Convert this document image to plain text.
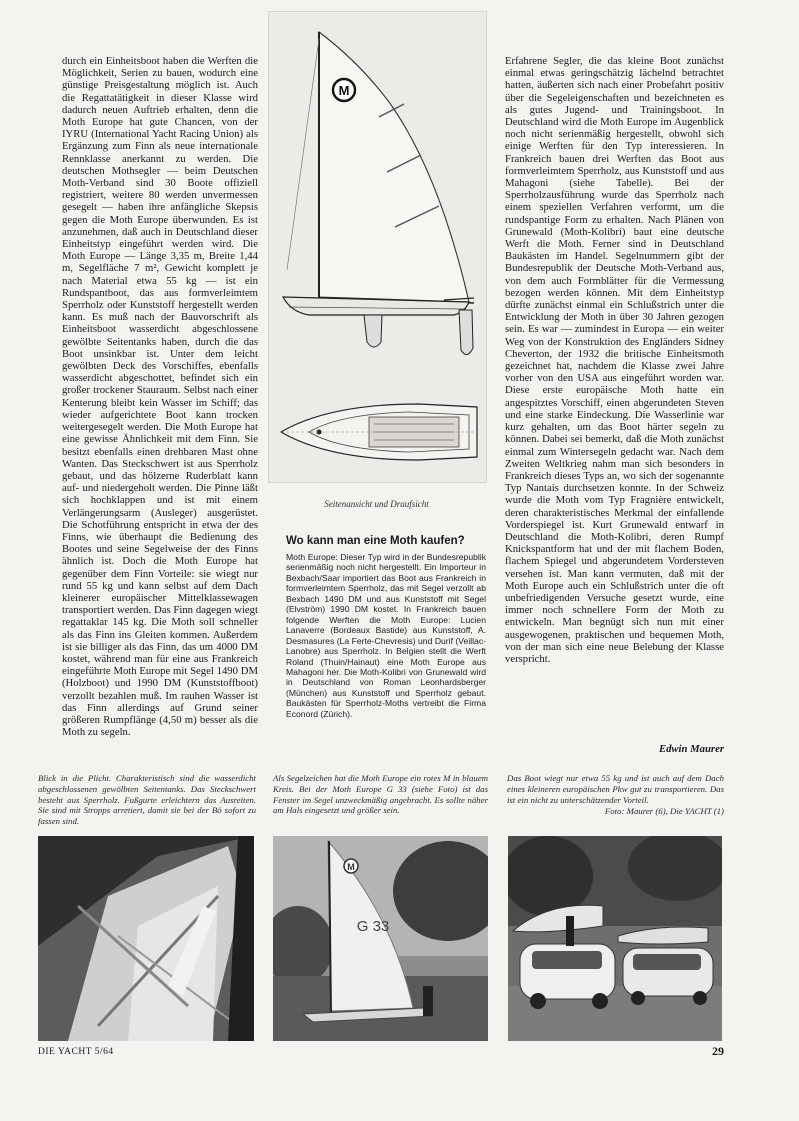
durch ein Einheitsboot haben die Werften die Möglichkeit, Serien zu bauen, wodurch eine günstige Preisgestaltung möglich ist. Auch die Regattatätigkeit in dieser Klasse wird dadurch neuen Auftrieb erhalten, denn die Moth Europe hat gute Chancen, von der IYRU (International Yacht Racing Union) als Ergänzung zum Finn als neue internationale Rennklasse anerkannt zu werden. Die deutschen Mothsegler — beim Deutschen Moth-Verband sind 30 Boote offiziell registriert, weitere 80 werden unvermessen gesegelt — haben ihre anfängliche Skepsis gegen die Moth Europe überwunden. Es ist anzunehmen, daß auch in Deutschland dieser Einheitstyp eingeführt werden wird. Die Moth Europe — Länge 3,35 m, Breite 1,44 m, Segelfläche 7 m², Gewicht komplett je nach Material etwa 55 kg — ist ein Rundspantboot, das aus formverleimtem Sperrholz oder Kunststoff hergestellt werden kann. Es muß nach der Bauvorschrift als Einheitsboot wasserdicht abgeschlossene gewölbte Seitentanks haben, durch die das Boot unsinkbar ist. Unter dem leicht gewölbten Deck des Vorschiffes, ebenfalls wasserdicht abgeschottet, befindet sich ein großer trockener Stauraum. Selbst nach einer Kenterung bleibt kein Wasser im Schiff; das wieder aufgerichtete Boot kann trocken weitergesegelt werden. Die Moth Europe hat eine gewisse Ähnlichkeit mit dem Finn. Sie besitzt ebenfalls einen drehbaren Mast ohne Wanten. Das Steckschwert ist aus Sperrholz gebaut, und das hölzerne Ruderblatt kann auf- und niedergeholt werden. Die Pinne läßt sich hochklappen und ist mit einem Verlängerungsarm (Ausleger) ausgerüstet. Die Schotführung entspricht in etwa der des Finns, wie überhaupt die Bedienung des Bootes und seine Segelweise der des Finns ähnlich ist. Doch die Moth Europe hat gegenüber dem Finn Vorteile: sie wiegt nur rund 55 kg und kann selbst auf dem Dach kleinerer europäischer Mittelklassewagen transportiert werden. Das Finn dagegen wiegt regattaklar 145 kg. Die Moth soll schneller als das Finn ins Gleiten kommen. Außerdem ist sie billiger als das Finn, das um 4000 DM kostet, während man für eine aus Frankreich eingeführte Moth Europe mit Segel 1490 DM (Holzboot) und 1990 DM (Kunststoffboot) verzollt bezahlen muß. Im rauhen Wasser ist das Finn allerdings auf Grund seiner größeren Rumpflänge (4,50 m) besser als die Moth zu segeln.

M
Seitenansicht und Draufsicht
Wo kann man eine Moth kaufen?

Moth Europe: Dieser Typ wird in der Bundesrepublik serienmäßig noch nicht hergestellt. Ein Importeur in Bexbach/Saar importiert das Boot aus Frankreich in formverleimtem Sperrholz, das mit Segel verzollt ab Bexbach 1490 DM und aus Kunststoff mit Segel (Elvström) 1990 DM kostet. In Frankreich bauen folgende Werften die Moth Europe: Lucien Lanaverre (Bordeaux Bastide) aus Kunststoff, A. Desmasures (La Ferte-Chevresis) und Durif (Veillac-Lanobre) aus Sperrholz. In Belgien stellt die Werft Roland (Thuin/Hainaut) eine Moth Europe aus Mahagoni her. Die Moth-Kolibri von Grunewald wird in Deutschland von Roman Leonhardsberger (München) aus Kunststoff und Sperrholz gebaut. Baukästen für Sperrholz-Moths vertreibt die Firma Econord (Zürich).

Erfahrene Segler, die das kleine Boot zunächst einmal etwas geringschätzig lächelnd betrachtet hatten, äußerten sich nach einer Probefahrt positiv über die Segeleigenschaften und bezeichneten es als gutes Jugend- und Trainingsboot. In Deutschland wird die Moth Europe im Augenblick noch nicht serienmäßig hergestellt, obwohl sich einige Werften für den Typ interessieren. In Frankreich bauen drei Werften das Boot aus formverleimtem Sperrholz, aus Kunststoff und aus Mahagoni (siehe Tabelle). Bei der Sperrholzausführung wurde das Sperrholz nach einem speziellen Verfahren verformt, um die rundspantige Form zu erhalten. Nach Plänen von Grunewald (Moth-Kolibri) baut eine deutsche Werft die Moth. Ferner sind in Deutschland Baukästen im Handel. Segelnummern gibt der Bundesrepublik der Deutsche Moth-Verband aus, von dem auch Formblätter für die Vermessung bezogen werden können. Mit dem Einheitstyp dürfte zunächst einmal ein Schlußstrich unter die Entwicklung der Moth in über 30 Jahren gezogen sein. Es war — zumindest in Europa — ein weiter Weg von der Konstruktion des Engländers Sidney Cheverton, der 1932 die britische Einheitsmoth gezeichnet hat, nachdem die Klasse zwei Jahre vorher von den USA aus eingeführt worden war. Diese erste europäische Moth hatte ein angespitztes Vorschiff, einen abgerundeten Steven und eine starke Eindeckung. Die Wasserlinie war kurz gehalten, um das Boot härter segeln zu können. Dabei sei bemerkt, daß die Moth zunächst einmal zum Wintersegeln gedacht war. Nach dem Zweiten Weltkrieg nahm man sich besonders in Frankreich dieses Typs an, wo sich der sogenannte Typ Nantais durchsetzen konnte. In der Schweiz wurde die Moth vom Typ Fragnière entwickelt, deren charakteristisches Merkmal der einfallende Vorderspiegel ist. Kurt Grunewald entwarf in Deutschland die Moth-Kolibri, deren Rumpf Knickspantform hat und der mit flachem Boden, flachem Spiegel und abgerundetem Vordersteven versehen ist. Man kann vermuten, daß mit der Moth Europe auch ein Schlußstrich unter die oft unbefriedigenden Versuche gesetzt wurde, eine immer noch schnellere Form der Moth zu entwickeln. Man begnügt sich nun mit einer ausgewogenen, praktischen und bequemen Moth, von der man sich eine neue Belebung der Klasse verspricht.

Edwin Maurer
Blick in die Plicht. Charakteristisch sind die wasserdicht abgeschlossenen gewölbten Seitentanks. Das Steckschwert besteht aus Sperrholz. Fußgurte erleichtern das Ausreiten. Sie sind mit Stropps arretiert, damit sie bei der Bö sofort zu fassen sind.
Als Segelzeichen hat die Moth Europe ein rotes M in blauem Kreis. Bei der Moth Europe G 33 (siehe Foto) ist das Fenster im Segel unzweckmäßig angebracht. Es sollte näher am Hals eingesetzt und größer sein.
Das Boot wiegt nur etwa 55 kg und ist auch auf dem Dach eines kleineren europäischen Pkw gut zu transportieren. Das ist ein nicht zu unterschätzender Vorteil.
Foto: Maurer (6), Die YACHT (1)
M
G 33
DIE YACHT 5/64	29
